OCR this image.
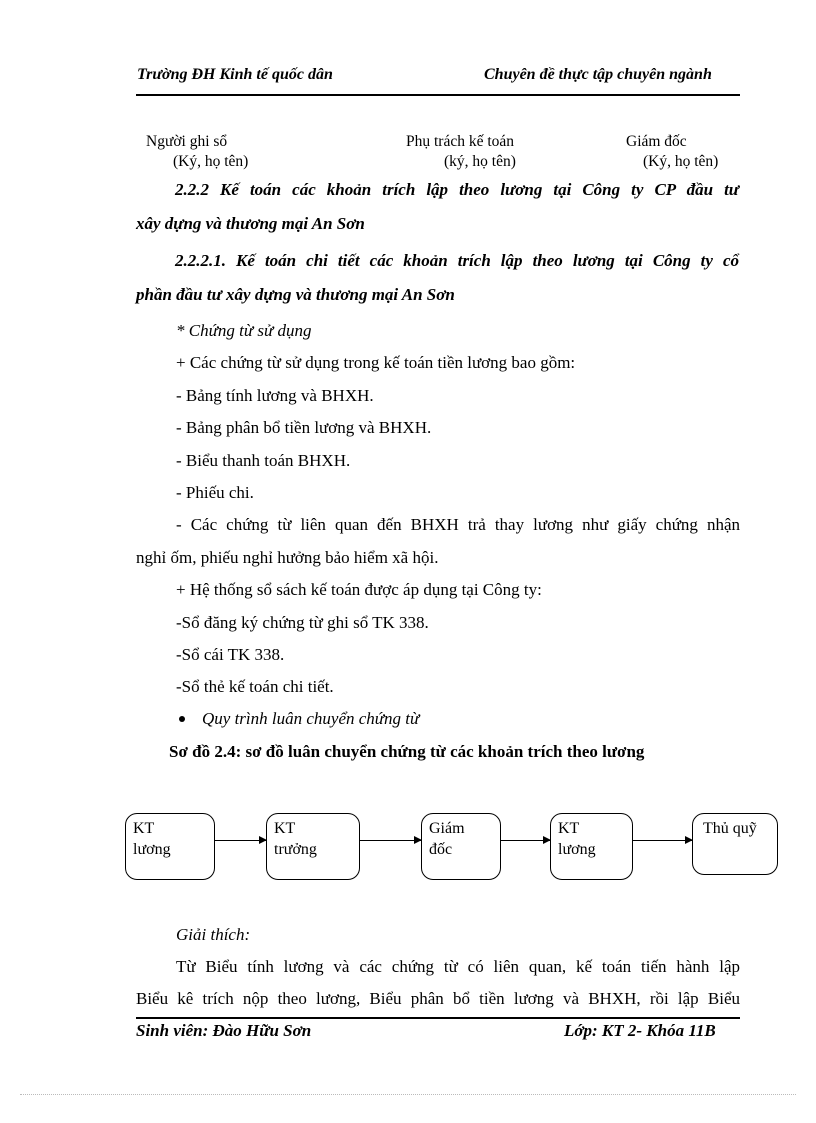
Trường ĐH Kinh tế quốc dân	Chuyên đề thực tập chuyên ngành
Người ghi sổ
(Ký, họ tên)
Phụ trách kế toán
(ký, họ tên)
Giám đốc
(Ký, họ tên)
2.2.2 Kế toán các khoản trích lập theo lương tại Công ty CP đầu tư
xây dựng và thương mại An Sơn
2.2.2.1. Kế toán chi tiết các khoản trích lập theo lương tại Công ty cổ
phần đầu tư xây dựng và thương mại An Sơn
* Chứng từ sử dụng
+ Các chứng từ sử dụng trong kế toán tiền lương bao gồm:
- Bảng tính lương và BHXH.
- Bảng phân bổ tiền lương và BHXH.
- Biểu thanh toán BHXH.
- Phiếu chi.
- Các chứng từ liên quan đến BHXH trả thay lương như giấy chứng nhận
nghỉ ốm, phiếu nghỉ hưởng bảo hiểm xã hội.
+ Hệ thống sổ sách kế toán được áp dụng tại Công ty:
-Sổ đăng ký chứng từ ghi sổ TK 338.
-Sổ cái TK 338.
-Sổ thẻ kế toán chi tiết.
Quy trình luân chuyển chứng từ
Sơ đồ 2.4: sơ đồ luân chuyển chứng từ các khoản trích theo lương
KT
lương
KT
trưởng
Giám
đốc
KT
lương
Thủ quỹ
Giải thích:
Từ Biểu tính lương và các chứng từ có liên quan, kế toán tiến hành lập
Biểu kê trích nộp theo lương, Biểu phân bổ tiền lương và BHXH, rồi lập Biểu
Sinh viên: Đào Hữu Sơn	Lớp: KT 2- Khóa 11B
